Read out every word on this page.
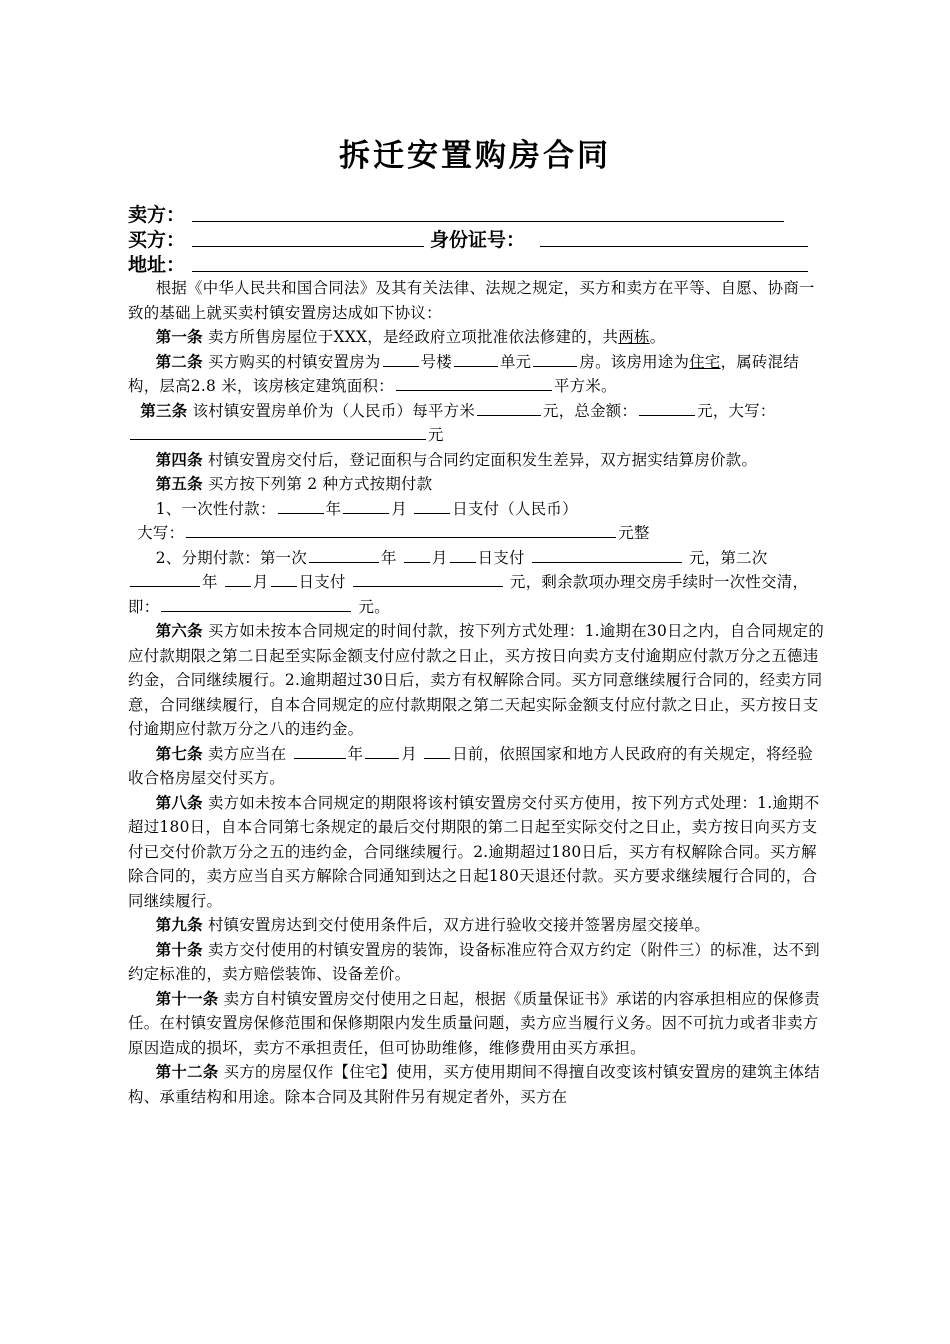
拆迁安置购房合同
卖方：
买方：	身份证号：
地址：

根据《中华人民共和国合同法》及其有关法律、法规之规定，买方和卖方在平等、自愿、协商一致的基础上就买卖村镇安置房达成如下协议：

第一条 卖方所售房屋位于XXX，是经政府立项批准依法修建的，共两栋。

第二条 买方购买的村镇安置房为	号楼	单元	房。该房用途为住宅，属砖混结构，层高2.8 米，该房核定建筑面积：	平方米。

第三条 该村镇安置房单价为（人民币）每平方米	元，总金额：	元，大写：元

第四条 村镇安置房交付后，登记面积与合同约定面积发生差异，双方据实结算房价款。

第五条 买方按下列第 2 种方式按期付款

1、一次性付款：	年	月	日支付（人民币）

大写：	元整

2、分期付款：第一次	年 月 日支付	元，第二次年 月 日支付	元，剩余款项办理交房手续时一次性交清，即：	元。

第六条 买方如未按本合同规定的时间付款，按下列方式处理：1.逾期在30日之内，自合同规定的应付款期限之第二日起至实际金额支付应付款之日止，买方按日向卖方支付逾期应付款万分之五德违约金，合同继续履行。2.逾期超过30日后，卖方有权解除合同。买方同意继续履行合同的，经卖方同意，合同继续履行，自本合同规定的应付款期限之第二天起实际金额支付应付款之日止，买方按日支付逾期应付款万分之八的违约金。

第七条 卖方应当在	年 月 日前，依照国家和地方人民政府的有关规定，将经验收合格房屋交付买方。

第八条 卖方如未按本合同规定的期限将该村镇安置房交付买方使用，按下列方式处理：1.逾期不超过180日，自本合同第七条规定的最后交付期限的第二日起至实际交付之日止，卖方按日向买方支付已交付价款万分之五的违约金，合同继续履行。2.逾期超过180日后，买方有权解除合同。买方解除合同的，卖方应当自买方解除合同通知到达之日起180天退还付款。买方要求继续履行合同的，合同继续履行。

第九条 村镇安置房达到交付使用条件后，双方进行验收交接并签署房屋交接单。

第十条 卖方交付使用的村镇安置房的装饰，设备标准应符合双方约定（附件三）的标准，达不到约定标准的，卖方赔偿装饰、设备差价。

第十一条 卖方自村镇安置房交付使用之日起，根据《质量保证书》承诺的内容承担相应的保修责任。在村镇安置房保修范围和保修期限内发生质量问题，卖方应当履行义务。因不可抗力或者非卖方原因造成的损坏，卖方不承担责任，但可协助维修，维修费用由买方承担。

第十二条 买方的房屋仅作【住宅】使用，买方使用期间不得擅自改变该村镇安置房的建筑主体结构、承重结构和用途。除本合同及其附件另有规定者外，买方在
